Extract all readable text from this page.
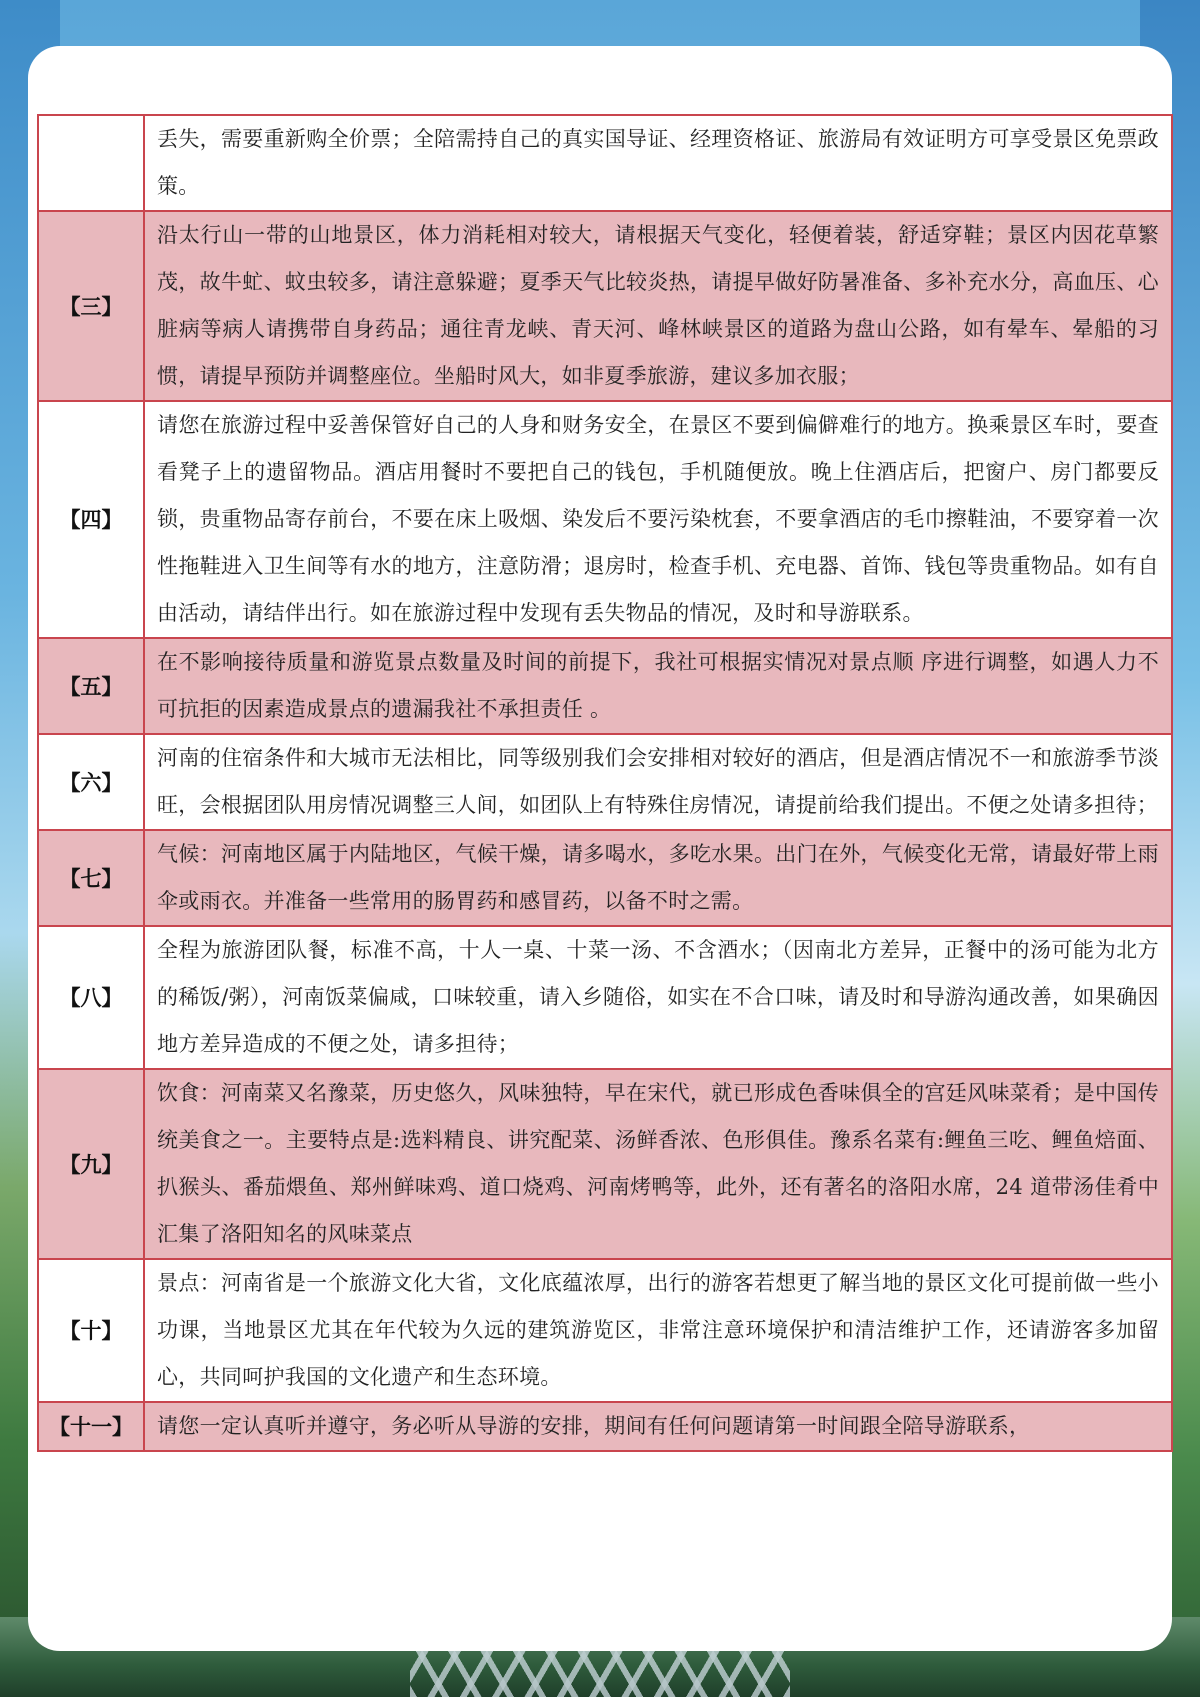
	丢失，需要重新购全价票；全陪需持自己的真实国导证、经理资格证、旅游局有效证明方可享受景区免票政策。
【三】	沿太行山一带的山地景区，体力消耗相对较大，请根据天气变化，轻便着装，舒适穿鞋；景区内因花草繁茂，故牛虻、蚊虫较多，请注意躲避；夏季天气比较炎热，请提早做好防暑准备、多补充水分，高血压、心脏病等病人请携带自身药品；通往青龙峡、青天河、峰林峡景区的道路为盘山公路，如有晕车、晕船的习惯，请提早预防并调整座位。坐船时风大，如非夏季旅游，建议多加衣服；
【四】	请您在旅游过程中妥善保管好自己的人身和财务安全，在景区不要到偏僻难行的地方。换乘景区车时，要查看凳子上的遗留物品。酒店用餐时不要把自己的钱包，手机随便放。晚上住酒店后，把窗户、房门都要反锁，贵重物品寄存前台，不要在床上吸烟、染发后不要污染枕套，不要拿酒店的毛巾擦鞋油，不要穿着一次性拖鞋进入卫生间等有水的地方，注意防滑；退房时，检查手机、充电器、首饰、钱包等贵重物品。如有自由活动，请结伴出行。如在旅游过程中发现有丢失物品的情况，及时和导游联系。
【五】	在不影响接待质量和游览景点数量及时间的前提下，我社可根据实情况对景点顺 序进行调整，如遇人力不可抗拒的因素造成景点的遗漏我社不承担责任 。
【六】	河南的住宿条件和大城市无法相比，同等级别我们会安排相对较好的酒店，但是酒店情况不一和旅游季节淡旺，会根据团队用房情况调整三人间，如团队上有特殊住房情况，请提前给我们提出。不便之处请多担待；
【七】	气候：河南地区属于内陆地区，气候干燥，请多喝水，多吃水果。出门在外，气候变化无常，请最好带上雨伞或雨衣。并准备一些常用的肠胃药和感冒药，以备不时之需。
【八】	全程为旅游团队餐，标准不高，十人一桌、十菜一汤、不含酒水；（因南北方差异，正餐中的汤可能为北方的稀饭/粥），河南饭菜偏咸，口味较重，请入乡随俗，如实在不合口味，请及时和导游沟通改善，如果确因地方差异造成的不便之处，请多担待；
【九】	饮食：河南菜又名豫菜，历史悠久，风味独特，早在宋代，就已形成色香味俱全的宫廷风味菜肴；是中国传统美食之一。主要特点是:选料精良、讲究配菜、汤鲜香浓、色形俱佳。豫系名菜有:鲤鱼三吃、鲤鱼焙面、扒猴头、番茄煨鱼、郑州鲜味鸡、道口烧鸡、河南烤鸭等，此外，还有著名的洛阳水席，24 道带汤佳肴中汇集了洛阳知名的风味菜点
【十】	景点：河南省是一个旅游文化大省，文化底蕴浓厚，出行的游客若想更了解当地的景区文化可提前做一些小功课，当地景区尤其在年代较为久远的建筑游览区，非常注意环境保护和清洁维护工作，还请游客多加留心，共同呵护我国的文化遗产和生态环境。
【十一】	请您一定认真听并遵守，务必听从导游的安排，期间有任何问题请第一时间跟全陪导游联系，
